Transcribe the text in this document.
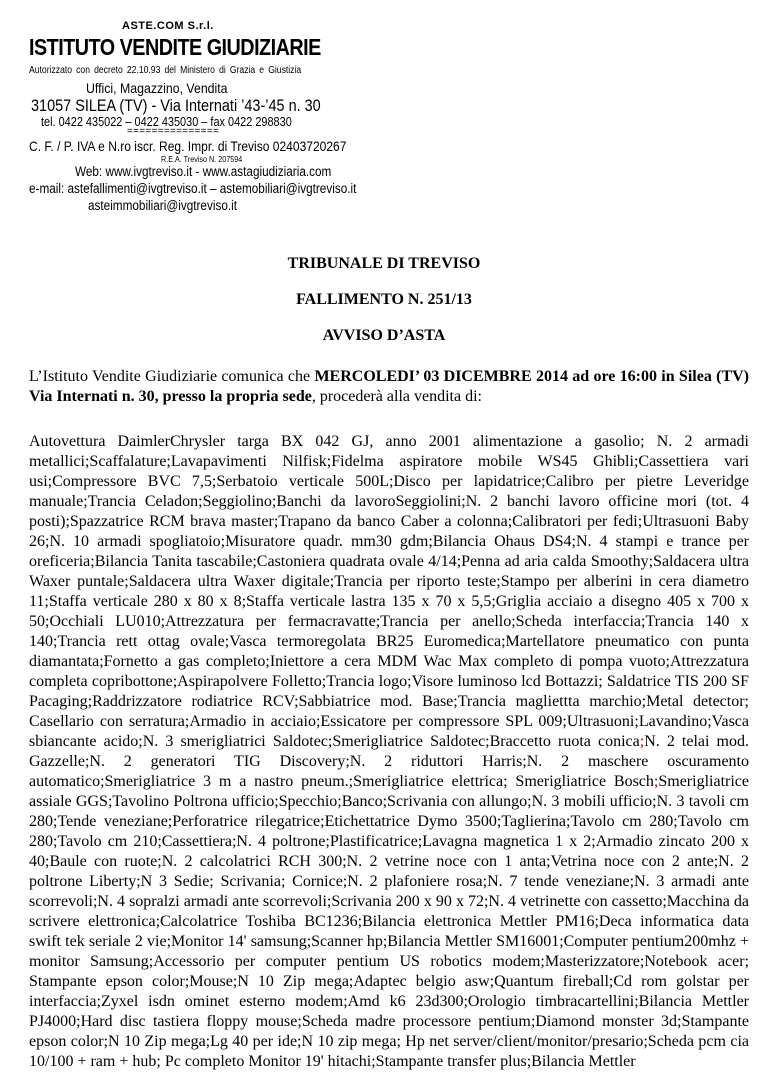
ASTE.COM S.r.l.
ISTITUTO VENDITE GIUDIZIARIE
Autorizzato con decreto 22.10.93 del Ministero di Grazia e Giustizia
Uffici, Magazzino, Vendita
31057 SILEA (TV) - Via Internati ’43-’45 n. 30
tel. 0422 435022 – 0422 435030 – fax 0422 298830
===============
C. F. / P. IVA e N.ro iscr. Reg. Impr. di Treviso 02403720267
R.E.A. Treviso N. 207594
Web: www.ivgtreviso.it - www.astagiudiziaria.com
e-mail: astefallimenti@ivgtreviso.it – astemobiliari@ivgtreviso.it
asteimmobiliari@ivgtreviso.it
TRIBUNALE DI TREVISO
FALLIMENTO N. 251/13
AVVISO D’ASTA
L’Istituto Vendite Giudiziarie comunica che MERCOLEDI’ 03 DICEMBRE 2014 ad ore 16:00 in Silea (TV) Via Internati n. 30, presso la propria sede, procederà alla vendita di:
Autovettura DaimlerChrysler targa BX 042 GJ, anno 2001 alimentazione a gasolio; N. 2 armadi metallici;Scaffalature;Lavapavimenti Nilfisk;Fidelma aspiratore mobile WS45 Ghibli;Cassettiera vari usi;Compressore BVC 7,5;Serbatoio verticale 500L;Disco per lapidatrice;Calibro per pietre Leveridge manuale;Trancia Celadon;Seggiolino;Banchi da lavoroSeggiolini;N. 2 banchi lavoro officine mori (tot. 4 posti);Spazzatrice RCM brava master;Trapano da banco Caber a colonna;Calibratori per fedi;Ultrasuoni Baby 26;N. 10 armadi spogliatoio;Misuratore quadr. mm30 gdm;Bilancia Ohaus DS4;N. 4 stampi e trance per oreficeria;Bilancia Tanita tascabile;Castoniera quadrata ovale 4/14;Penna ad aria calda Smoothy;Saldacera ultra Waxer puntale;Saldacera ultra Waxer digitale;Trancia per riporto teste;Stampo per alberini in cera diametro 11;Staffa verticale 280 x 80 x 8;Staffa verticale lastra 135 x 70 x 5,5;Griglia acciaio a disegno 405 x 700 x 50;Occhiali LU010;Attrezzatura per fermacravatte;Trancia per anello;Scheda interfaccia;Trancia 140 x 140;Trancia rett ottag ovale;Vasca termoregolata BR25 Euromedica;Martellatore pneumatico con punta diamantata;Fornetto a gas completo;Iniettore a cera MDM Wac Max completo di pompa vuoto;Attrezzatura completa copribottone;Aspirapolvere Folletto;Trancia logo;Visore luminoso lcd Bottazzi; Saldatrice TIS 200 SF Pacaging;Raddrizzatore rodiatrice RCV;Sabbiatrice mod. Base;Trancia magliettta marchio;Metal detector; Casellario con serratura;Armadio in acciaio;Essicatore per compressore SPL 009;Ultrasuoni;Lavandino;Vasca sbiancante acido;N. 3 smerigliatrici Saldotec;Smerigliatrice Saldotec;Braccetto ruota conica;N. 2 telai mod. Gazzelle;N. 2 generatori TIG Discovery;N. 2 riduttori Harris;N. 2 maschere oscuramento automatico;Smerigliatrice 3 m a nastro pneum.;Smerigliatrice elettrica; Smerigliatrice Bosch;Smerigliatrice assiale GGS;Tavolino Poltrona ufficio;Specchio;Banco;Scrivania con allungo;N. 3 mobili ufficio;N. 3 tavoli cm 280;Tende veneziane;Perforatrice rilegatrice;Etichettatrice Dymo 3500;Taglierina;Tavolo cm 280;Tavolo cm 280;Tavolo cm 210;Cassettiera;N. 4 poltrone;Plastificatrice;Lavagna magnetica 1 x 2;Armadio zincato 200 x 40;Baule con ruote;N. 2 calcolatrici RCH 300;N. 2 vetrine noce con 1 anta;Vetrina noce con 2 ante;N. 2 poltrone Liberty;N 3 Sedie; Scrivania; Cornice;N. 2 plafoniere rosa;N. 7 tende veneziane;N. 3 armadi ante scorrevoli;N. 4 sopralzi armadi ante scorrevoli;Scrivania 200 x 90 x 72;N. 4 vetrinette con cassetto;Macchina da scrivere elettronica;Calcolatrice Toshiba BC1236;Bilancia elettronica Mettler PM16;Deca informatica data swift tek seriale 2 vie;Monitor 14' samsung;Scanner hp;Bilancia Mettler SM16001;Computer pentium200mhz + monitor Samsung;Accessorio per computer pentium US robotics modem;Masterizzatore;Notebook acer; Stampante epson color;Mouse;N 10 Zip mega;Adaptec belgio asw;Quantum fireball;Cd rom golstar per interfaccia;Zyxel isdn ominet esterno modem;Amd k6 23d300;Orologio timbracartellini;Bilancia Mettler PJ4000;Hard disc tastiera floppy mouse;Scheda madre processore pentium;Diamond monster 3d;Stampante epson color;N 10 Zip mega;Lg 40 per ide;N 10 zip mega; Hp net server/client/monitor/presario;Scheda pcm cia 10/100 + ram + hub; Pc completo Monitor 19' hitachi;Stampante transfer plus;Bilancia Mettler
